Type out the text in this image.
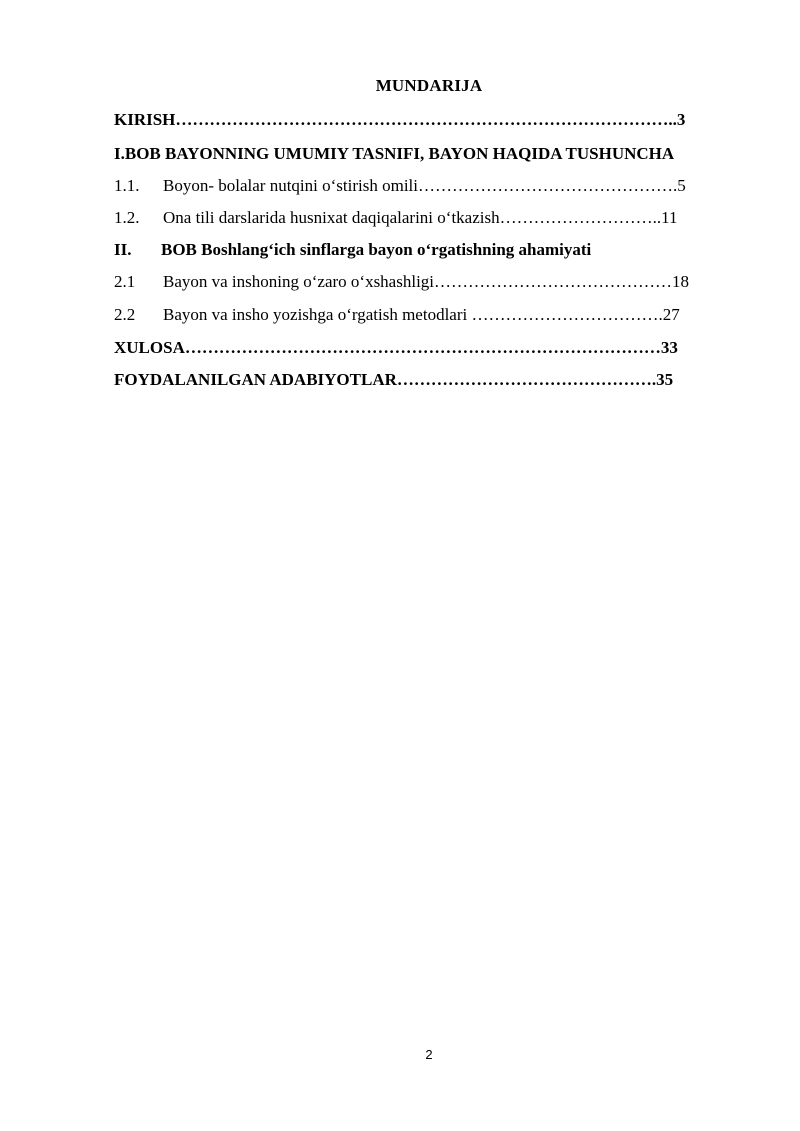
MUNDARIJA
KIRISH……………………………………………………………………………..3
I.BOB BAYONNING UMUMIY TASNIFI, BAYON HAQIDA TUSHUNCHA
1.1. Boyon- bolalar nutqini o‘stirish omili……………………………………….5
1.2. Ona tili darslarida husnixat daqiqalarini o‘tkazish………………………..11
II. BOB Boshlang‘ich sinflarga bayon o‘rgatishning ahamiyati
2.1 Bayon va inshoning o‘zaro o‘xshashligi……………………………………18
2.2 Bayon va insho yozishga o‘rgatish metodlari …………………………….27
XULOSA…………………………………………………………………………33
FOYDALANILGAN ADABIYOTLAR……………………………………….35
2
